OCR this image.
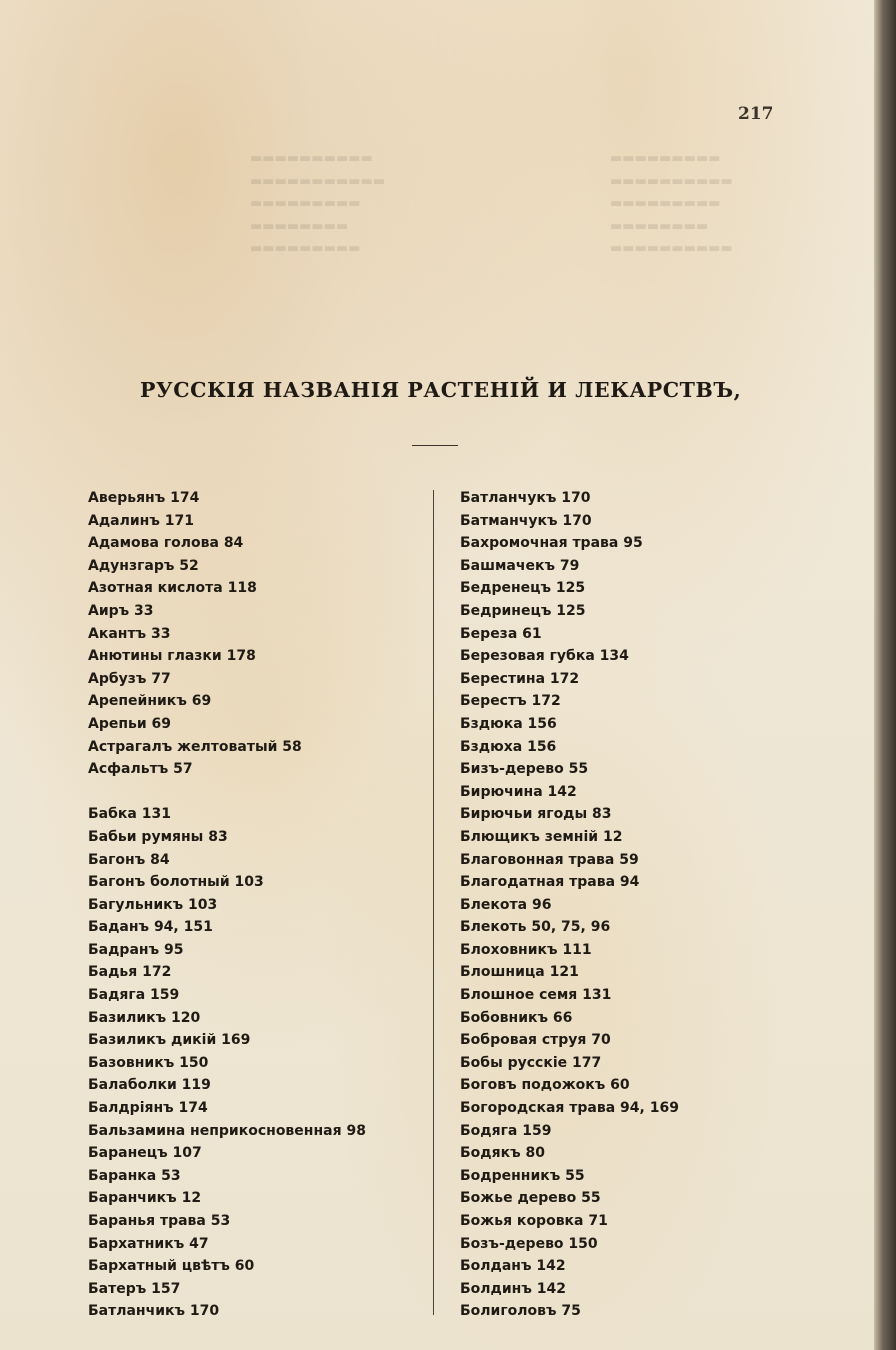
▬▬▬▬▬▬▬▬▬▬
▬▬▬▬▬▬▬▬▬▬▬
▬▬▬▬▬▬▬▬▬
▬▬▬▬▬▬▬▬
▬▬▬▬▬▬▬▬▬
▬▬▬▬▬▬▬▬▬
▬▬▬▬▬▬▬▬▬▬
▬▬▬▬▬▬▬▬▬
▬▬▬▬▬▬▬▬
▬▬▬▬▬▬▬▬▬▬
217
РУССКІЯ НАЗВАНІЯ РАСТЕНІЙ И ЛЕКАРСТВЪ,
Аверьянъ 174
Адалинъ 171
Адамова голова 84
Адунзгаръ 52
Азотная кислота 118
Аиръ 33
Акантъ 33
Анютины глазки 178
Арбузъ 77
Арепейникъ 69
Арепьи 69
Астрагалъ желтоватый 58
Асфальтъ 57
Бабка 131
Бабьи румяны 83
Багонъ 84
Багонъ болотный 103
Багульникъ 103
Баданъ 94, 151
Бадранъ 95
Бадья 172
Бадяга 159
Базиликъ 120
Базиликъ дикій 169
Базовникъ 150
Балаболки 119
Балдріянъ 174
Бальзамина неприкосновенная 98
Баранецъ 107
Баранка 53
Баранчикъ 12
Баранья трава 53
Бархатникъ 47
Бархатный цвѣтъ 60
Батеръ 157
Батланчикъ 170
Батланчукъ 170
Батманчукъ 170
Бахромочная трава 95
Башмачекъ 79
Бедренецъ 125
Бедринецъ 125
Береза 61
Березовая губка 134
Берестина 172
Берестъ 172
Бздюка 156
Бздюха 156
Бизъ-дерево 55
Бирючина 142
Бирючьи ягоды 83
Блющикъ земній 12
Благовонная трава 59
Благодатная трава 94
Блекота 96
Блекоть 50, 75, 96
Блоховникъ 111
Блошница 121
Блошное семя 131
Бобовникъ 66
Бобровая струя 70
Бобы русскіе 177
Боговъ подожокъ 60
Богородская трава 94, 169
Бодяга 159
Бодякъ 80
Бодренникъ 55
Божье дерево 55
Божья коровка 71
Бозъ-дерево 150
Болданъ 142
Болдинъ 142
Болиголовъ 75
